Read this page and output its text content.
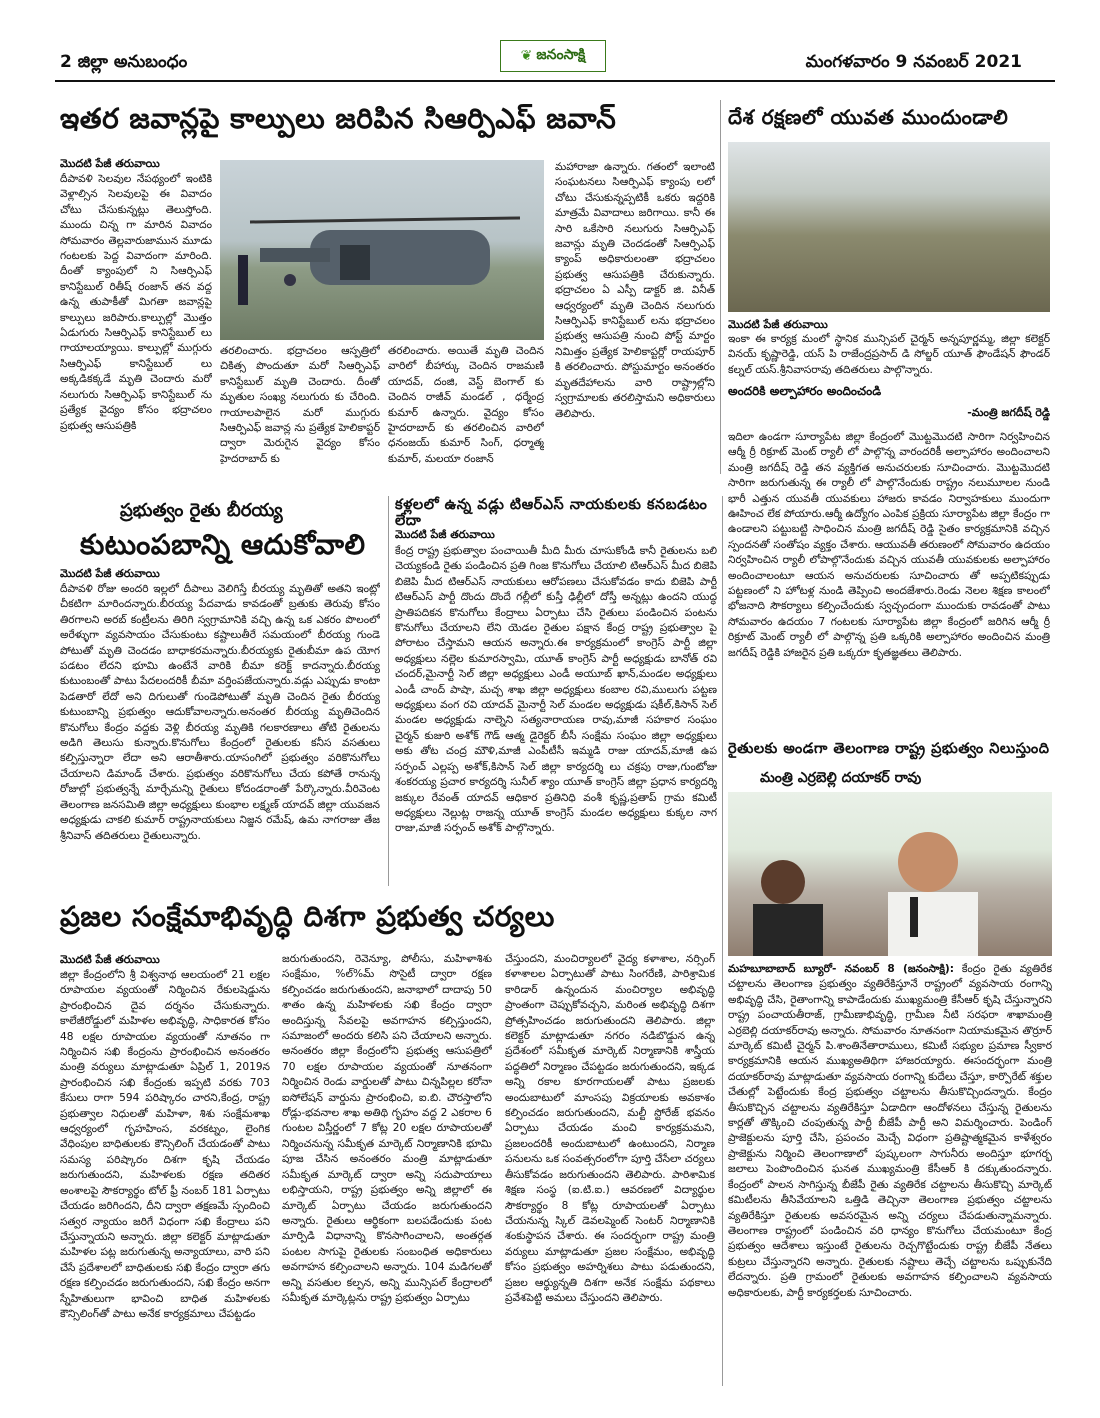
2 జిల్లా అనుబంధం	❦ జనంసాక్షి	మంగళవారం 9 నవంబర్ 2021
ఇతర జవాన్లపై కాల్పులు జరిపిన సిఆర్పిఎఫ్ జవాన్
మొదటి పేజీ తరువాయి
దీపావళి సెలవుల నేపథ్యంలో ఇంటికి వెళ్లాల్సిన సెలవులపై ఈ వివాదం చోటు చేసుకున్నట్లు తెలుస్తోంది. ముందు చిన్న గా మారిన వివాదం సోమవారం తెల్లవారుజామున మూడు గంటలకు పెద్ద వివాదంగా మారింది. దీంతో క్యాంపులో ని సిఆర్పిఎఫ్ కానిస్టేబుల్ రితీష్ రంజాన్ తన వద్ద ఉన్న తుపాకీతో మిగతా జవాన్లపై కాల్పులు జరిపారు.కాల్పుల్లో మొత్తం ఏడుగురు సిఆర్పిఎఫ్ కానిస్టేబుల్ లు గాయాలయ్యాయి. కాల్పుల్లో ముగ్గురు సిఆర్పిఎఫ్ కానిస్టేబుల్ లు అక్కడికక్కడే మృతి చెందారు మరో నలుగురు సిఆర్పిఎఫ్ కానిస్టేబుల్ ను ప్రత్యేక వైద్యం కోసం భద్రాచలం ప్రభుత్వ ఆసుపత్రికి
తరలించారు. భద్రాచలం ఆస్పత్రిలో చికిత్స పొందుతూ మరో సిఆర్పిఎఫ్ కానిస్టేబుల్ మృతి చెందారు. దీంతో మృతుల సంఖ్య నలుగురు కు చేరింది. గాయాలపాలైన మరో ముగ్గురు సిఆర్పిఎఫ్ జవాన్ల ను ప్రత్యేక హెలికాప్టర్ ద్వారా మెరుగైన వైద్యం కోసం హైదరాబాద్ కు
తరలించారు. అయితే మృతి చెందిన వారిలో బీహార్కు చెందిన రాజమణి యాదవ్, దంజి, వెస్ట్ బెంగాల్ కు చెందిన రాజీవ్ మండల్ , ధర్మేంద్ర కుమార్ ఉన్నారు. వైద్యం కోసం హైదరాబాద్ కు తరలించిన వారిలో ధనంజయ్ కుమార్ సింగ్, ధర్మాత్మ కుమార్, మలయా రంజాన్
మహారాజా ఉన్నారు. గతంలో ఇలాంటి సంఘటనలు సిఆర్పిఎఫ్ క్యాంపు లలో చోటు చేసుకున్నప్పటికీ ఒకరు ఇద్దరికి మాత్రమే వివాదాలు జరిగాయి. కానీ ఈ సారి ఒకేసారి నలుగురు సిఆర్పిఎఫ్ జవాన్లు మృతి చెందడంతో సిఆర్పిఎఫ్ క్యాంప్ అధికారులంతా భద్రాచలం ప్రభుత్వ ఆసుపత్రికి చేరుకున్నారు. భద్రాచలం ఏ ఎస్పీ డాక్టర్ జి. వినీత్ ఆధ్వర్యంలో మృతి చెందిన నలుగురు సిఆర్పిఎఫ్ కానిస్టేబుల్ లను భద్రాచలం ప్రభుత్వ ఆసుపత్రి నుంచి పోస్ట్ మార్టం నిమిత్తం ప్రత్యేక హెలికాప్టర్లో రాయపూర్ కి తరలించారు. పోస్టుమార్టం అనంతరం మృతదేహాలను వారి రాష్ట్రాల్లోని స్వగ్రామాలకు తరలిస్తామని అధికారులు తెలిపారు.
దేశ రక్షణలో యువత ముందుండాలి
మొదటి పేజీ తరువాయి
ఇంకా ఈ కార్యక్ర మంలో స్థానిక మున్సిపల్ చైర్మన్ అన్నపూర్ణమ్మ, జిల్లా కలెక్టర్ వినయ్ కృష్ణారెడ్డి, యస్ పి రాజేంద్రప్రసాద్ డి సోల్జర్ యూత్ ఫౌండేషన్ ఫౌండర్ కల్నల్ యస్.శ్రీనివాసరావు తదితరులు పాల్గొన్నారు.
అందరికి అల్పాహారం అందించండి
-మంత్రి జగదీష్ రెడ్డి
ఇదిలా ఉండగా సూర్యాపేట జిల్లా కేంద్రంలో మొట్టమొదటి సారిగా నిర్వహించిన ఆర్మీ ర్రీ రిక్రూట్ మెంట్ ర్యాలీ లో పాల్గొన్న వారందరికీ అల్పాహారం అందించాలని మంత్రి జగదీష్ రెడ్డి తన వ్యక్తిగత అనుచరులకు సూచించారు. మొట్టమొదటి సారిగా జరుగుతున్న ఈ ర్యాలీ లో పాల్గొనేందుకు రాష్ట్రం నలుమూలల నుండి భారీ ఎత్తున యువతీ యువకులు హాజరు కావడం నిర్వాహకులు ముందుగా ఊహించ లేక పోయారు.ఆర్మీ ఉద్యోగం ఎంపిక ప్రక్రియ సూర్యాపేట జిల్లా కేంద్రం గా ఉండాలని పట్టుబట్టి సాధించిన మంత్రి జగదీష్ రెడ్డి సైతం కార్యక్రమానికి వచ్చిన స్పందనతో సంతోషం వ్యక్తం చేశారు. ఆయువతీ తరుణంలో సోమవారం ఉదయం నిర్వహించిన ర్యాలీ లోపాల్గొనేందుకు వచ్చిన యువతీ యువకులకు అల్పాహారం అందించాలంటూ ఆయన అనుచరులకు సూచించారు తో అప్పటికప్పుడు పట్టణంలో ని హోటళ్ల నుండి తెప్పించి అందజేశారు.రెండు నెలల శిక్షణ కాలంలో భోజనాది సౌకర్యాలు కల్పించేందుకు స్వచ్చందంగా ముందుకు రావడంతో పాటు సోమవారం ఉదయం 7 గంటలకు సూర్యాపేట జిల్లా కేంద్రంలో జరిగిన ఆర్మీ ర్రీ రిక్రూట్ మెంట్ ర్యాలీ లో పాల్గొన్న ప్రతి ఒక్కరికి అల్పాహారం అందించిన మంత్రి జగదీష్ రెడ్డికి హాజరైన ప్రతి ఒక్కరూ కృతజ్ఞతలు తెలిపారు.
ప్రభుత్వం రైతు బీరయ్య
కుటుంపబాన్ని ఆదుకోవాలి
మొదటి పేజీ తరువాయి
దీపావళి రోజు అందరి ఇల్లలో దీపాలు వెలిగిస్తే బీరయ్య మృతితో అతని ఇంట్లో చీకటిగా మారిందన్నారు.బీరయ్య పేదవాడు కావడంతో బ్రతుకు తెరువు కోసం తిరగాలని అరబ్ కంట్రీలను తిరిగి స్వగ్రామానికి వచ్చి ఉన్న ఒక ఎకరం పొలంలో అరేళ్ళుగా వ్యవసాయం చేసుకుంటు కష్టాలుతీరే సమయంలో బీరయ్య గుండె పోటుతో మృతి చెందడం బాధాకరమన్నారు.బీరయ్యకు రైతుబీమా ఉప యోగ పడటం లేదని భూమి ఉంటేనే వారికి బీమా కరెక్ట్ కాదన్నారు.బీరయ్య కుటుంబంతో పాటు పేదలందరికీ బీమా వర్తింపజేయన్నారు.వడ్లు ఎప్పుడు కాంటా పెడతారో లేదో అని దిగులుతో గుండెపోటుతో మృతి చెందిన రైతు బీరయ్య కుటుంబాన్ని ప్రభుత్వం ఆదుకోవాలన్నారు.అనంతర బీరయ్య మృతిచెందిన కొనుగోలు కేంద్రం వద్దకు వెళ్లి బీరయ్య మృతికి గలకారణాలు తోటి రైతులను అడిగి తెలుసు కున్నారు.కొనుగోలు కేంద్రంలో రైతులకు కనీస వసతులు కల్పిస్తున్నారా లేదా అని ఆరాతీశారు.యాసంగిలో ప్రభుత్వం వరికొనుగోలు చేయాలని డిమాండ్ చేశారు. ప్రభుత్వం వరికొనుగోలు చేయ కపోతే రానున్న రోజుల్లో ప్రభుత్వన్నే మార్చేమన్ని రైతులు కోదండరాంతో పేర్కొన్నారు.వీరివెంట తెలంగాణ జనసమితి జిల్లా అధ్యక్షులు కుంభాల లక్ష్మణ్ యాదవ్ జిల్లా యువజన అధ్యక్షుడు చాకలి కుమార్ రాష్ట్రనాయకులు నిజ్జన రమేష్, ఉమ నాగరాజు తేజ శ్రీనివాస్ తదితరులు రైతులున్నారు.
కళ్లలలో ఉన్న వడ్లు టిఆర్ఎస్ నాయకులకు కనబడటం లేదా
మొదటి పేజీ తరువాయి
కేంద్ర రాష్ట్ర ప్రభుత్వాల పంచాయితీ మీది మీరు చూసుకోండి కానీ రైతులను బలి చెయ్యకండి రైతు పండించిన ప్రతి గింజ కొనుగోలు చేయాలి టిఆర్ఎస్ మీద బిజెపి బిజెపి మీద టిఆర్ఎస్ నాయకులు ఆరోపణలు చేసుకోవడం కాదు బిజెపి పార్టీ టిఆర్ఎస్ పార్టీ దొందు దొందే గల్లీలో కుస్తీ ఢిల్లీలో దోస్తీ అన్నట్లు ఉందని యుద్ధ ప్రాతిపదికన కొనుగోలు కేంద్రాలు ఏర్పాటు చేసి రైతులు పండించిన పంటను కొనుగోలు చేయాలని లేని యెడల రైతుల పక్షాన కేంద్ర రాష్ట్ర ప్రభుత్వాల పై పోరాటం చేస్తామని ఆయన అన్నారు.ఈ కార్యక్రమంలో కాంగ్రెస్ పార్టీ జిల్లా అధ్యక్షులు నల్లెల కుమారస్వామి, యూత్ కాంగ్రెస్ పార్టీ అధ్యక్షుడు బానోత్ రవి చందర్,మైనార్టీ సెల్ జిల్లా అధ్యక్షులు ఎండీ అయూబ్ ఖాన్,మండల అధ్యక్షులు ఎండీ చాంద్ పాషా, మచ్చ శాఖ జిల్లా అధ్యక్షులు కంబాల రవి,ములుగు పట్టణ అధ్యక్షులు వంగ రవి యాదవ్ మైనార్టీ సెల్ మండల అధ్యక్షుడు షకీల్,కిసాన్ సెల్ మండల అధ్యక్షుడు నాల్నెని సత్యనారాయణ రావు,మాజీ సహకార సంఘం చైర్మన్ కుజురి అశోక్ గౌడ్ ఆత్మ డైరెక్టర్ బీసీ సంక్షేమ సంఘం జిల్లా అధ్యక్షులు అకు తోట చంద్ర మౌళి,మాజీ ఎంపీటీసీ ఇమ్మడి రాజు యాదవ్,మాజీ ఉప సర్పంచ్ ఎల్లప్ప అశోక్,కిసాన్ సెల్ జిల్లా కార్యదర్శి లు చక్రపు రాజు,గుంటోజు శంకరయ్య ప్రచార కార్యదర్శి సునీల్ శ్యాం యూత్ కాంగ్రెస్ జిల్లా ప్రధాన కార్యదర్శి జక్కుల రేవంత్ యాదవ్ ఆధికార ప్రతినిధి వంశీ కృష్ణ,ప్రతాప్ గ్రామ కమిటీ అధ్యక్షులు నెల్లుట్ల రాజన్న యూత్ కాంగ్రెస్ మండల అధ్యక్షులు కుక్కల నాగ రాజు,మాజీ సర్పంచ్ అశోక్ పాల్గొన్నారు.
రైతులకు అండగా తెలంగాణ రాష్ట్ర ప్రభుత్వం నిలుస్తుంది
మంత్రి ఎర్రబెల్లి దయాకర్ రావు
మహబూబాబాద్ బ్యూరో- నవంబర్ 8 (జనంసాక్షి): కేంద్రం రైతు వ్యతిరేక చట్టాలను తెలంగాణ ప్రభుత్వం వ్యతిరేకిస్తూనే రాష్ట్రంలో వ్యవసాయ రంగాన్ని అభివృద్ధి చేసి, రైతాంగాన్ని కాపాడేందుకు ముఖ్యమంత్రి కేసీఆర్ కృషి చేస్తున్నారని రాష్ట్ర పంచాయతీరాజ్, గ్రామీణాభివృద్ధి, గ్రామీణ నీటి సరఫరా శాఖామంత్రి ఎర్రబెల్లి దయాకర్‌రావు అన్నారు. సోమవారం నూతనంగా నియామకమైన తొర్రూర్ మార్కెట్ కమిటీ చైర్మన్ పి.శాంతినేతారాములు, కమిటీ సభ్యుల ప్రమాణ స్వీకార కార్యక్రమానికి ఆయన ముఖ్యఅతిథిగా హాజరయ్యారు. ఈసందర్భంగా మంత్రి దయాకర్‌రావు మాట్లాడుతూ వ్యవసాయ రంగాన్ని కుదేలు చేస్తూ, కార్పొరేట్ శక్తుల చేతుల్లో పెట్టేందుకు కేంద్ర ప్రభుత్వం చట్టాలను తీసుకొచ్చిందన్నారు. కేంద్రం తీసుకొచ్చిన చట్టాలను వ్యతిరేకిస్తూ ఏడాదిగా ఆందోళనలు చేస్తున్న రైతులను కార్లతో తొక్కించి చంపుతున్న పార్టీ బీజేపీ పార్టీ అని విమర్శించారు. పెండింగ్ ప్రాజెక్టులను పూర్తి చేసి, ప్రపంచం మెచ్చే విధంగా ప్రతిష్టాత్మకమైన కాళేశ్వరం ప్రాజెక్టును నిర్మించి తెలంగాణాలో పుష్కలంగా సాగునీరు అందిస్తూ భూగర్భ జలాలు పెంపొందించిన ఘనత ముఖ్యమంత్రి కేసీఆర్ కి దక్కుతుందన్నారు. కేంద్రంలో పాలన సాగిస్తున్న బీజేపీ రైతు వ్యతిరేక చట్టాలను తీసుకొచ్చి మార్కెట్ కమిటీలను తీసివేయాలని ఒత్తిడి తెచ్చినా తెలంగాణ ప్రభుత్వం చట్టాలను వ్యతిరేకిస్తూ రైతులకు అవసరమైన అన్ని చర్యలు చేపడుతున్నామన్నారు. తెలంగాణ రాష్ట్రంలో పండించిన వరి ధాన్యం కొనుగోలు చేయమంటూ కేంద్ర ప్రభుత్వం ఆదేశాలు ఇస్తుంటే రైతులను రెచ్చగొట్టేందుకు రాష్ట్ర బీజేపీ నేతలు కుట్రలు చేస్తున్నారని అన్నారు. రైతులకు నష్టాలు తెచ్చే చట్టాలను ఒప్పుకునేది లేదన్నారు. ప్రతి గ్రామంలో రైతులకు అవగాహన కల్పించాలని వ్యవసాయ అధికారులకు, పార్టీ కార్యకర్తలకు సూచించారు.
ప్రజల సంక్షేమాభివృద్ధి దిశగా ప్రభుత్వ చర్యలు
మొదటి పేజీ తరువాయి
జిల్లా కేంద్రంలోని శ్రీ విశ్వనాథ ఆలయంలో 21 లక్షల రూపాయల వ్యయంతో నిర్మించిన రేకులషెడ్డును ప్రారంభించిన దైవ దర్శనం చేసుకున్నారు. కాలేజీరోడ్డులో మహిళల అభివృద్ధి, సాధికారత కోసం 48 లక్షల రూపాయల వ్యయంతో నూతనం గా నిర్మించిన సఖి కేంద్రంను ప్రారంభించిన అనంతరం మంత్రి వర్యులు మాట్లాడుతూ ఏప్రిల్ 1, 2019న ప్రారంభించిన సఖి కేంద్రంకు ఇప్పటి వరకు 703 కేసులు రాగా 594 పరిష్కారం చారని,కేంద్ర, రాష్ట్ర ప్రభుత్వాల నిధులతో మహిళా, శిశు సంక్షేమశాఖ ఆధ్వర్యంలో గృహహింస, వరకట్నం, లైంగిక వేధింపుల బాధితులకు కౌన్సిలింగ్ చేయడంతో పాటు సమస్య పరిష్కారం దిశగా కృషి చేయడం జరుగుతుందని, మహిళలకు రక్షణ తదితర అంశాలపై సౌకర్యార్థం టోల్ ఫ్రీ నంబర్ 181 ఏర్పాటు చేయడం జరిగిందని, దీని ద్వారా తక్షణమే స్పందించి సత్వర న్యాయం జరిగే విధంగా సఖి కేంద్రాలు పని చేస్తున్నాయని అన్నారు. జిల్లా కలెక్టర్ మాట్లాడుతూ మహిళల పట్ల జరుగుతున్న అన్యాయాలు, వారి పని చేసే ప్రదేశాలలో బాధితులకు సఖి కేంద్రం ద్వారా తగు రక్షణ కల్పించడం జరుగుతుందని, సఖి కేంద్రం అనగా స్నేహితులుగా భావించి బాధిత మహిళలకు కౌన్సిలింగ్‌తో పాటు అనేక కార్యక్రమాలు చేపట్టడం
జరుగుతుందని, రెవెన్యూ, పోలీసు, మహిళాశిశు సంక్షేమం, %ల్%మ్ సొసైటీ ద్వారా రక్షణ కల్పించడం జరుగుతుందని, జనాభాలో దాదాపు 50 శాతం ఉన్న మహిళలకు సఖి కేంద్రం ద్వారా అందిస్తున్న సేవలపై అవగాహన కల్పిస్తుందని, సమాజంలో అందరు కలిసి పని చేయాలని అన్నారు. అనంతరం జిల్లా కేంద్రంలోని ప్రభుత్వ ఆసుపత్రిలో 70 లక్షల రూపాయల వ్యయంతో నూతనంగా నిర్మించిన రెండు వార్డులతో పాటు చిన్నపిల్లల కరోనా ఐసోలేషన్ వార్డును ప్రారంభించి, ఐ.బి. చౌరస్తాలోని రోడ్లు-భవనాల శాఖ అతిథి గృహం వద్ద 2 ఎకరాల 6 గుంటల విస్తీర్ణంలో 7 కోట్ల 20 లక్షల రూపాయలతో నిర్మించనున్న సమీకృత మార్కెట్ నిర్మాణానికి భూమి పూజ చేసిన అనంతరం మంత్రి మాట్లాడుతూ సమీకృత మార్కెట్ ద్వారా అన్ని సదుపాయాలు లభిస్తాయని, రాష్ట్ర ప్రభుత్వం అన్ని జిల్లాలో ఈ మార్కెట్ ఏర్పాటు చేయడం జరుగుతుందని అన్నారు. రైతులు ఆర్థికంగా బలపడేందుకు పంట మార్పిడి విధానాన్ని కొనసాగించాలని, అంతర్గత పంటల సాగుపై రైతులకు సంబంధిత అధికారులు అవగాహన కల్పించాలని అన్నారు. 104 మడిగలతో అన్ని వసతుల కల్పన, అన్ని మున్సిపల్ కేంద్రాలలో సమీకృత మార్కెట్లను రాష్ట్ర ప్రభుత్వం ఏర్పాటు
చేస్తుందని, మంచిర్యాలలో వైద్య కళాశాల, నర్సింగ్ కళాశాలల ఏర్పాటుతో పాటు సింగరేణి, పారిశ్రామిక కారిడార్ ఉన్నందున మంచిర్యాల అభివృద్ధి ప్రాంతంగా చెప్పుకోవచ్చని, మరింత అభివృద్ధి దిశగా ప్రోత్సహించడం జరుగుతుందని తెలిపారు. జిల్లా కలెక్టర్ మాట్లాడుతూ నగరం నడిబొడ్డున ఉన్న ప్రదేశంలో సమీకృత మార్కెట్ నిర్మాణానికి శాస్త్రీయ పద్ధతిలో నిర్మాణం చేపట్టడం జరుగుతుందని, ఇక్కడ అన్ని రకాల కూరగాయలతో పాటు ప్రజలకు అందుబాటులో మాంసపు విక్రయాలకు అవకాశం కల్పించడం జరుగుతుందని, మల్టీ స్టోరేజ్ భవనం ఏర్పాటు చేయడం మంచి కార్యక్రమమని, ప్రజలందరికీ అందుబాటులో ఉంటుందని, నిర్మాణ పనులను ఒక సంవత్సరంలోగా పూర్తి చేసేలా చర్యలు తీసుకోవడం జరుగుతుందని తెలిపారు. పారిశామిక శిక్షణ సంస్థ (ఐ.టి.ఐ.) ఆవరణలో విద్యార్థుల సౌకర్యార్థం 8 కోట్ల రూపాయలతో ఏర్పాటు చేయనున్న స్కిల్ డెవలప్మెంట్ సెంటర్ నిర్మాణానికి శంకుస్థాపన చేశారు. ఈ సందర్భంగా రాష్ట్ర మంత్రి వర్యులు మాట్లాడుతూ ప్రజల సంక్షేమం, అభివృద్ధి కోసం ప్రభుత్వం అహర్నిశలు పాటు పడుతుందని, ప్రజల ఆర్థ్యున్నతి దిశగా అనేక సంక్షేమ పథకాలు ప్రవేశపెట్టి అమలు చేస్తుందని తెలిపారు.
